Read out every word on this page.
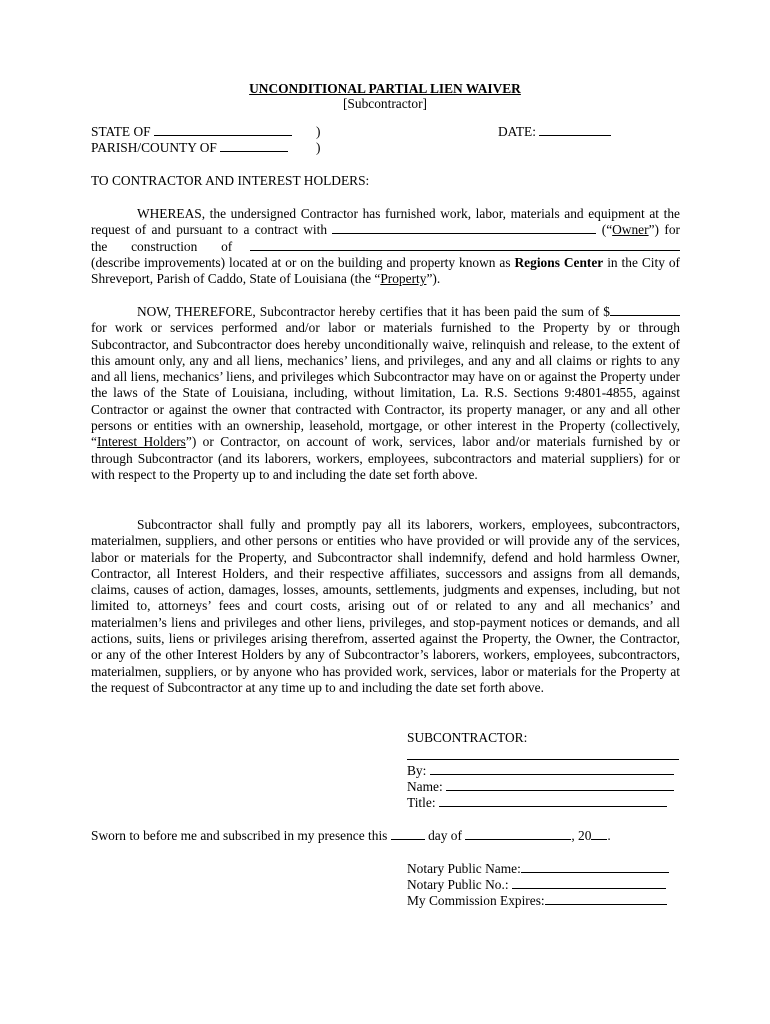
UNCONDITIONAL PARTIAL LIEN WAIVER
[Subcontractor]
STATE OF	)	DATE:
PARISH/COUNTY OF	)
TO CONTRACTOR AND INTEREST HOLDERS:
WHEREAS, the undersigned Contractor has furnished work, labor, materials and equipment at the request of and pursuant to a contract with	(“Owner”) for the construction of  (describe improvements) located at or on the building and property known as Regions Center in the City of Shreveport, Parish of Caddo, State of Louisiana (the “Property”).
NOW, THEREFORE, Subcontractor hereby certifies that it has been paid the sum of $ for work or services performed and/or labor or materials furnished to the Property by or through Subcontractor, and Subcontractor does hereby unconditionally waive, relinquish and release, to the extent of this amount only, any and all liens, mechanics’ liens, and privileges, and any and all claims or rights to any and all liens, mechanics’ liens, and privileges which Subcontractor may have on or against the Property under the laws of the State of Louisiana, including, without limitation, La. R.S. Sections 9:4801-4855, against Contractor or against the owner that contracted with Contractor, its property manager, or any and all other persons or entities with an ownership, leasehold, mortgage, or other interest in the Property (collectively, “Interest Holders”) or Contractor, on account of work, services, labor and/or materials furnished by or through Subcontractor (and its laborers, workers, employees, subcontractors and material suppliers) for or with respect to the Property up to and including the date set forth above.
Subcontractor shall fully and promptly pay all its laborers, workers, employees, subcontractors, materialmen, suppliers, and other persons or entities who have provided or will provide any of the services, labor or materials for the Property, and Subcontractor shall indemnify, defend and hold harmless Owner, Contractor, all Interest Holders, and their respective affiliates, successors and assigns from all demands, claims, causes of action, damages, losses, amounts, settlements, judgments and expenses, including, but not limited to, attorneys’ fees and court costs, arising out of or related to any and all mechanics’ and materialmen’s liens and privileges and other liens, privileges, and stop-payment notices or demands, and all actions, suits, liens or privileges arising therefrom, asserted against the Property, the Owner, the Contractor, or any of the other Interest Holders by any of Subcontractor’s laborers, workers, employees, subcontractors, materialmen, suppliers, or by anyone who has provided work, services, labor or materials for the Property at the request of Subcontractor at any time up to and including the date set forth above.
SUBCONTRACTOR:
By:
Name:
Title:
Sworn to before me and subscribed in my presence this	day of	, 20 .
Notary Public Name:
Notary Public No.:
My Commission Expires:
